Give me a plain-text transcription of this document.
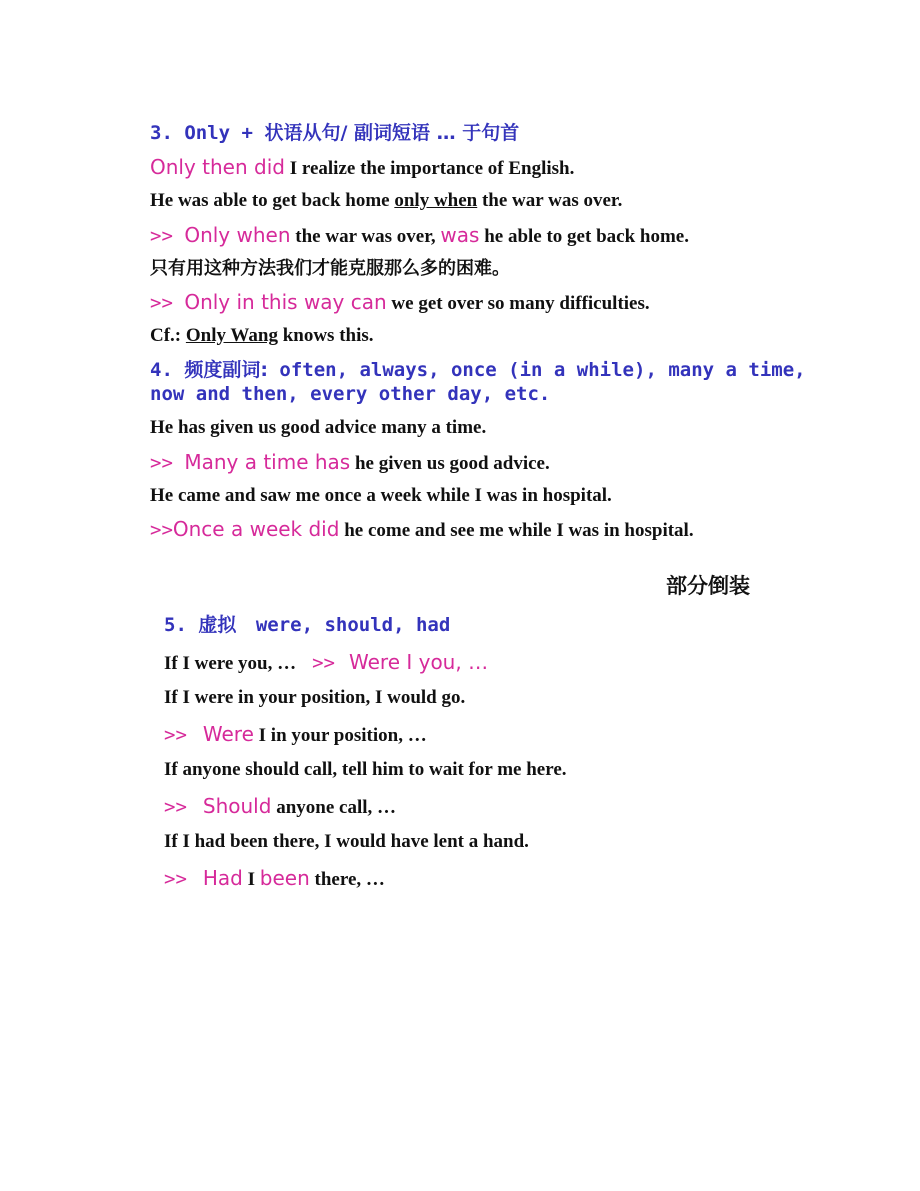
3. Only + 状语从句/ 副词短语 … 于句首
Only then did I realize the importance of English.
He was able to get back home only when the war was over.
>> Only when the war was over, was he able to get back home.
只有用这种方法我们才能克服那么多的困难。
>> Only in this way can we get over so many difficulties.
Cf.: Only Wang knows this.
4. 频度副词: often, always, once (in a while), many a time,
now and then, every other day, etc.
He has given us good advice many a time.
>> Many a time has he given us good advice.
He came and saw me once a week while I was in hospital.
>>Once a week did he come and see me while I was in hospital.
部分倒装
5. 虚拟 were, should, had
If I were you, … >> Were I you, …
If I were in your position, I would go.
>> Were I in your position, …
If anyone should call, tell him to wait for me here.
>> Should anyone call, …
If I had been there, I would have lent a hand.
>> Had I been there, …
